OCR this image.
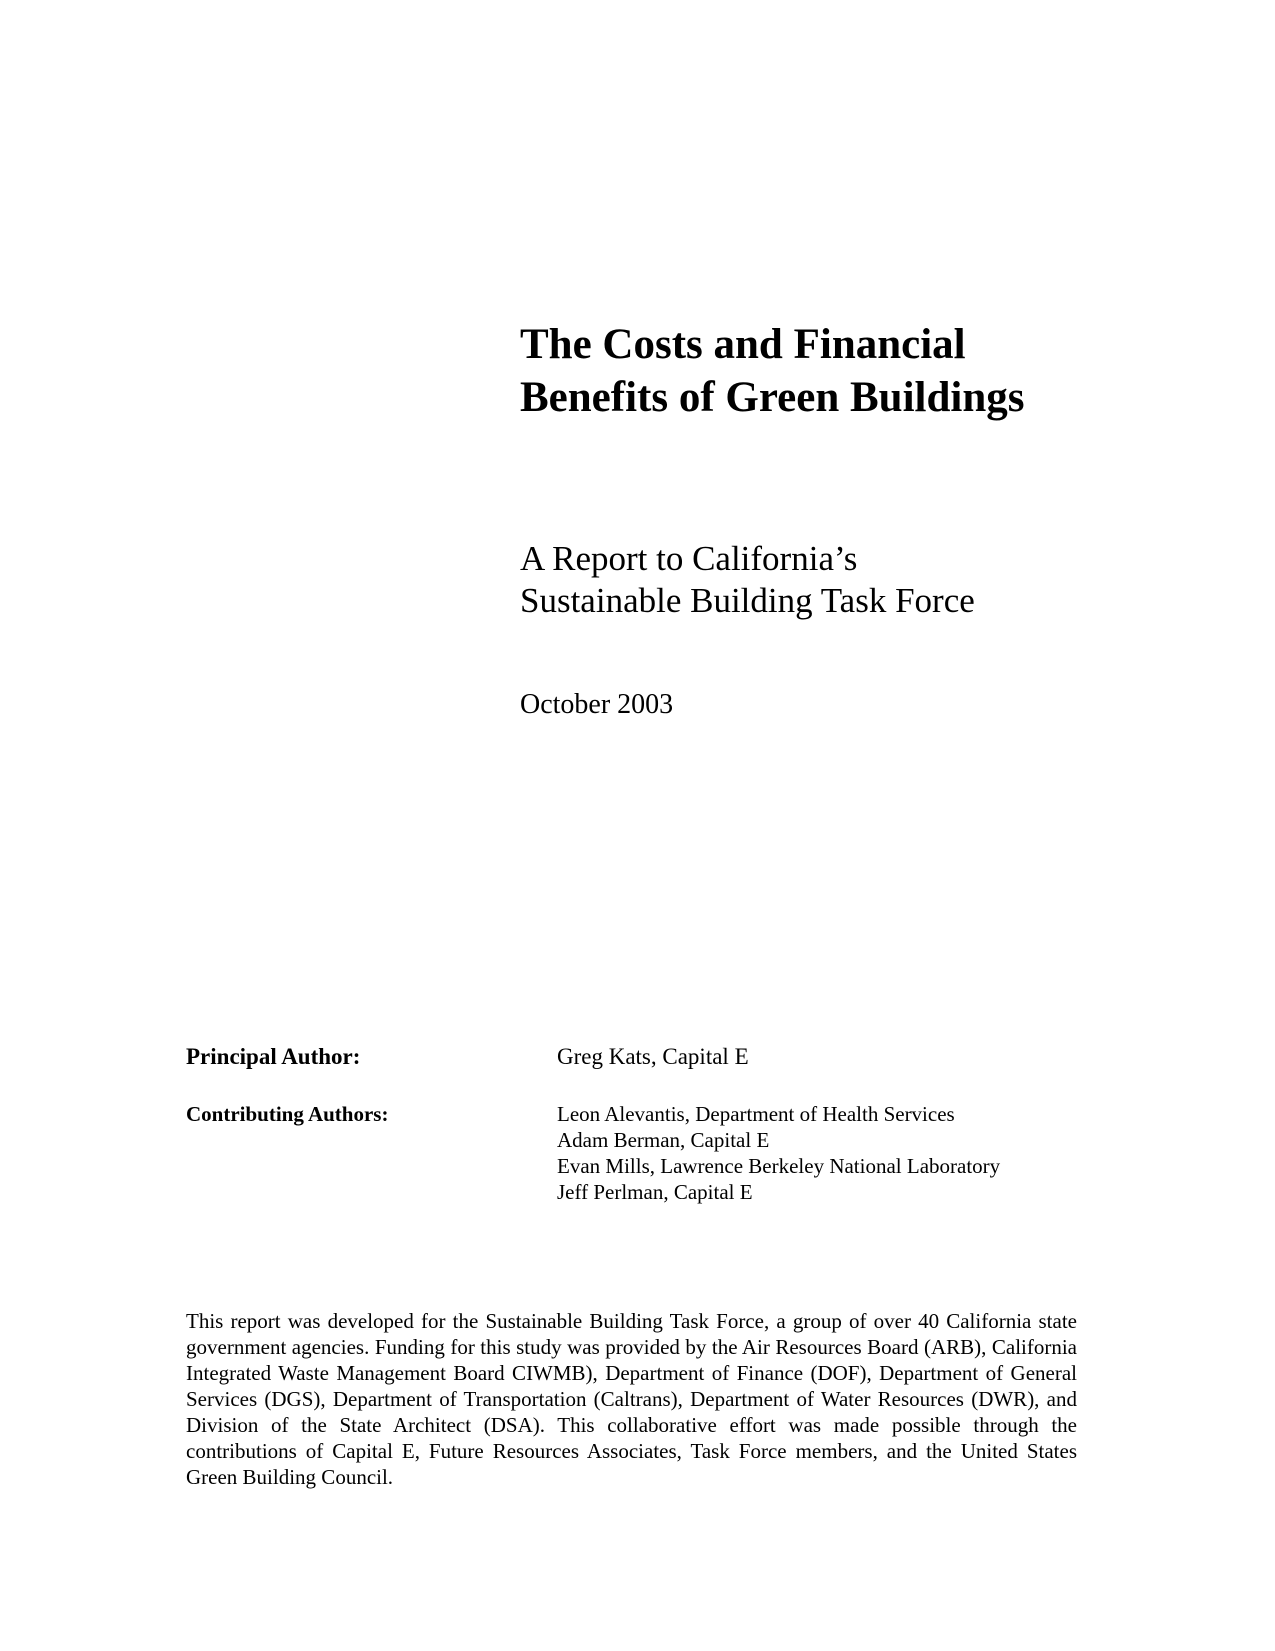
The Costs and Financial
Benefits of Green Buildings
A Report to California’s
Sustainable Building Task Force
October 2003
Principal Author:	Greg Kats, Capital E
Contributing Authors:	Leon Alevantis, Department of Health Services
Adam Berman, Capital E
Evan Mills, Lawrence Berkeley National Laboratory
Jeff Perlman, Capital E

This report was developed for the Sustainable Building Task Force, a group of over 40 California state government agencies. Funding for this study was provided by the Air Resources Board (ARB), California Integrated Waste Management Board CIWMB), Department of Finance (DOF), Department of General Services (DGS), Department of Transportation (Caltrans), Department of Water Resources (DWR), and Division of the State Architect (DSA). This collaborative effort was made possible through the contributions of Capital E, Future Resources Associates, Task Force members, and the United States Green Building Council.
